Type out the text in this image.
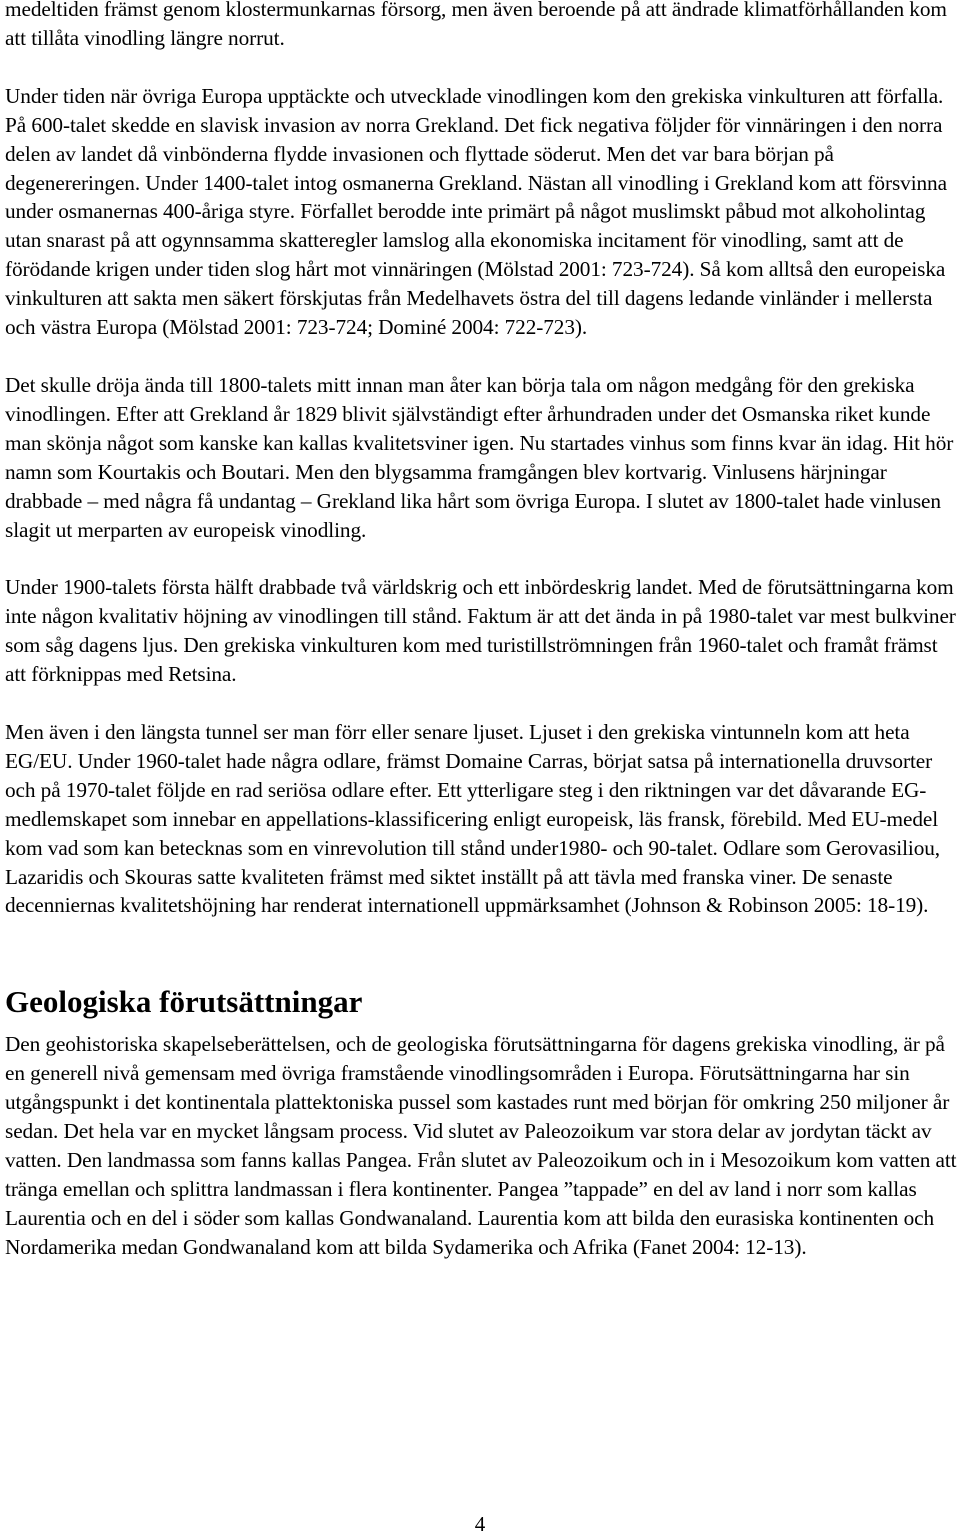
medeltiden främst genom klostermunkarnas försorg, men även beroende på att ändrade klimatförhållanden kom att tillåta vinodling längre norrut.

Under tiden när övriga Europa upptäckte och utvecklade vinodlingen kom den grekiska vinkulturen att förfalla. På 600-talet skedde en slavisk invasion av norra Grekland. Det fick negativa följder för vinnäringen i den norra delen av landet då vinbönderna flydde invasionen och flyttade söderut. Men det var bara början på degenereringen. Under 1400-talet intog osmanerna Grekland. Nästan all vinodling i Grekland kom att försvinna under osmanernas 400-åriga styre. Förfallet berodde inte primärt på något muslimskt påbud mot alkoholintag utan snarast på att ogynnsamma skatteregler lamslog alla ekonomiska incitament för vinodling, samt att de förödande krigen under tiden slog hårt mot vinnäringen (Mölstad 2001: 723-724). Så kom alltså den europeiska vinkulturen att sakta men säkert förskjutas från Medelhavets östra del till dagens ledande vinländer i mellersta och västra Europa (Mölstad 2001: 723-724; Dominé 2004: 722-723).

Det skulle dröja ända till 1800-talets mitt innan man åter kan börja tala om någon medgång för den grekiska vinodlingen. Efter att Grekland år 1829 blivit självständigt efter århundraden under det Osmanska riket kunde man skönja något som kanske kan kallas kvalitetsviner igen. Nu startades vinhus som finns kvar än idag. Hit hör namn som Kourtakis och Boutari. Men den blygsamma framgången blev kortvarig. Vinlusens härjningar drabbade – med några få undantag – Grekland lika hårt som övriga Europa. I slutet av 1800-talet hade vinlusen slagit ut merparten av europeisk vinodling.

Under 1900-talets första hälft drabbade två världskrig och ett inbördeskrig landet. Med de förutsättningarna kom inte någon kvalitativ höjning av vinodlingen till stånd. Faktum är att det ända in på 1980-talet var mest bulkviner som såg dagens ljus. Den grekiska vinkulturen kom med turistillströmningen från 1960-talet och framåt främst att förknippas med Retsina.

Men även i den längsta tunnel ser man förr eller senare ljuset. Ljuset i den grekiska vintunneln kom att heta EG/EU. Under 1960-talet hade några odlare, främst Domaine Carras, börjat satsa på internationella druvsorter och på 1970-talet följde en rad seriösa odlare efter. Ett ytterligare steg i den riktningen var det dåvarande EG-medlemskapet som innebar en appellations-klassificering enligt europeisk, läs fransk, förebild. Med EU-medel kom vad som kan betecknas som en vinrevolution till stånd under1980- och 90-talet. Odlare som Gerovasiliou, Lazaridis och Skouras satte kvaliteten främst med siktet inställt på att tävla med franska viner. De senaste decenniernas kvalitetshöjning har renderat internationell uppmärksamhet (Johnson & Robinson 2005: 18-19).

Geologiska förutsättningar

Den geohistoriska skapelseberättelsen, och de geologiska förutsättningarna för dagens grekiska vinodling, är på en generell nivå gemensam med övriga framstående vinodlingsområden i Europa. Förutsättningarna har sin utgångspunkt i det kontinentala plattektoniska pussel som kastades runt med början för omkring 250 miljoner år sedan. Det hela var en mycket långsam process. Vid slutet av Paleozoikum var stora delar av jordytan täckt av vatten. Den landmassa som fanns kallas Pangea. Från slutet av Paleozoikum och in i Mesozoikum kom vatten att tränga emellan och splittra landmassan i flera kontinenter. Pangea ”tappade” en del av land i norr som kallas Laurentia och en del i söder som kallas Gondwanaland. Laurentia kom att bilda den eurasiska kontinenten och Nordamerika medan Gondwanaland kom att bilda Sydamerika och Afrika (Fanet 2004: 12-13).

4
